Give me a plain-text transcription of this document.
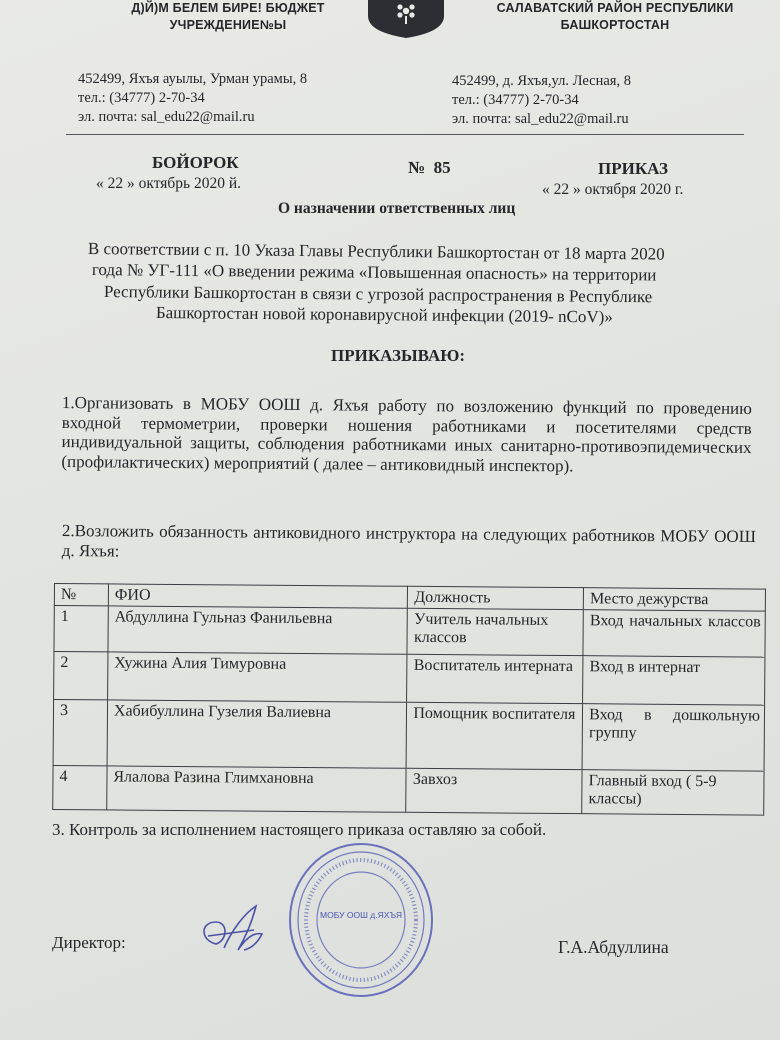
Д)Й)М БЕЛЕМ БИРЕ! БЮДЖЕТ
УЧРЕЖДЕНИЕ№Ы
САЛАВАТСКИЙ РАЙОН РЕСПУБЛИКИ
БАШКОРТОСТАН
452499, Яхъя ауылы, Урман урамы, 8
тел.: (34777) 2-70-34
эл. почта: sal_edu22@mail.ru
452499, д. Яхъя,ул. Лесная, 8
тел.: (34777) 2-70-34
эл. почта: sal_edu22@mail.ru
БОЙОРОК	№ 85	ПРИКАЗ
« 22 » октябрь 2020 й.	« 22 » октября 2020 г.
О назначении ответственных лиц
В соответствии с п. 10 Указа Главы Республики Башкортостан от 18 марта 2020
года № УГ-111 «О введении режима «Повышенная опасность» на территории
Республики Башкортостан в связи с угрозой распространения в Республике
Башкортостан новой коронавирусной инфекции (2019- nCoV)»
ПРИКАЗЫВАЮ:
1.Организовать в МОБУ ООШ д. Яхъя работу по возложению функций по проведению входной термометрии, проверки ношения работниками и посетителями средств индивидуальной защиты, соблюдения работниками иных санитарно-противоэпидемических (профилактических) мероприятий ( далее – антиковидный инспектор).
2.Возложить обязанность антиковидного инструктора на следующих работников МОБУ ООШ д. Яхъя:
№	ФИО	Должность	Место дежурства
1	Абдуллина Гульназ Фанильевна	Учитель начальных классов	Вход начальных классов
2	Хужина Алия Тимуровна	Воспитатель интерната	Вход в интернат
3	Хабибуллина Гузелия Валиевна	Помощник воспитателя	Вход в дошкольную группу
4	Ялалова Разина Глимхановна	Завхоз	Главный вход ( 5-9 классы)
3. Контроль за исполнением настоящего приказа оставляю за собой.
Директор:
МОБУ ООШ д.ЯХЪЯ
Г.А.Абдуллина
